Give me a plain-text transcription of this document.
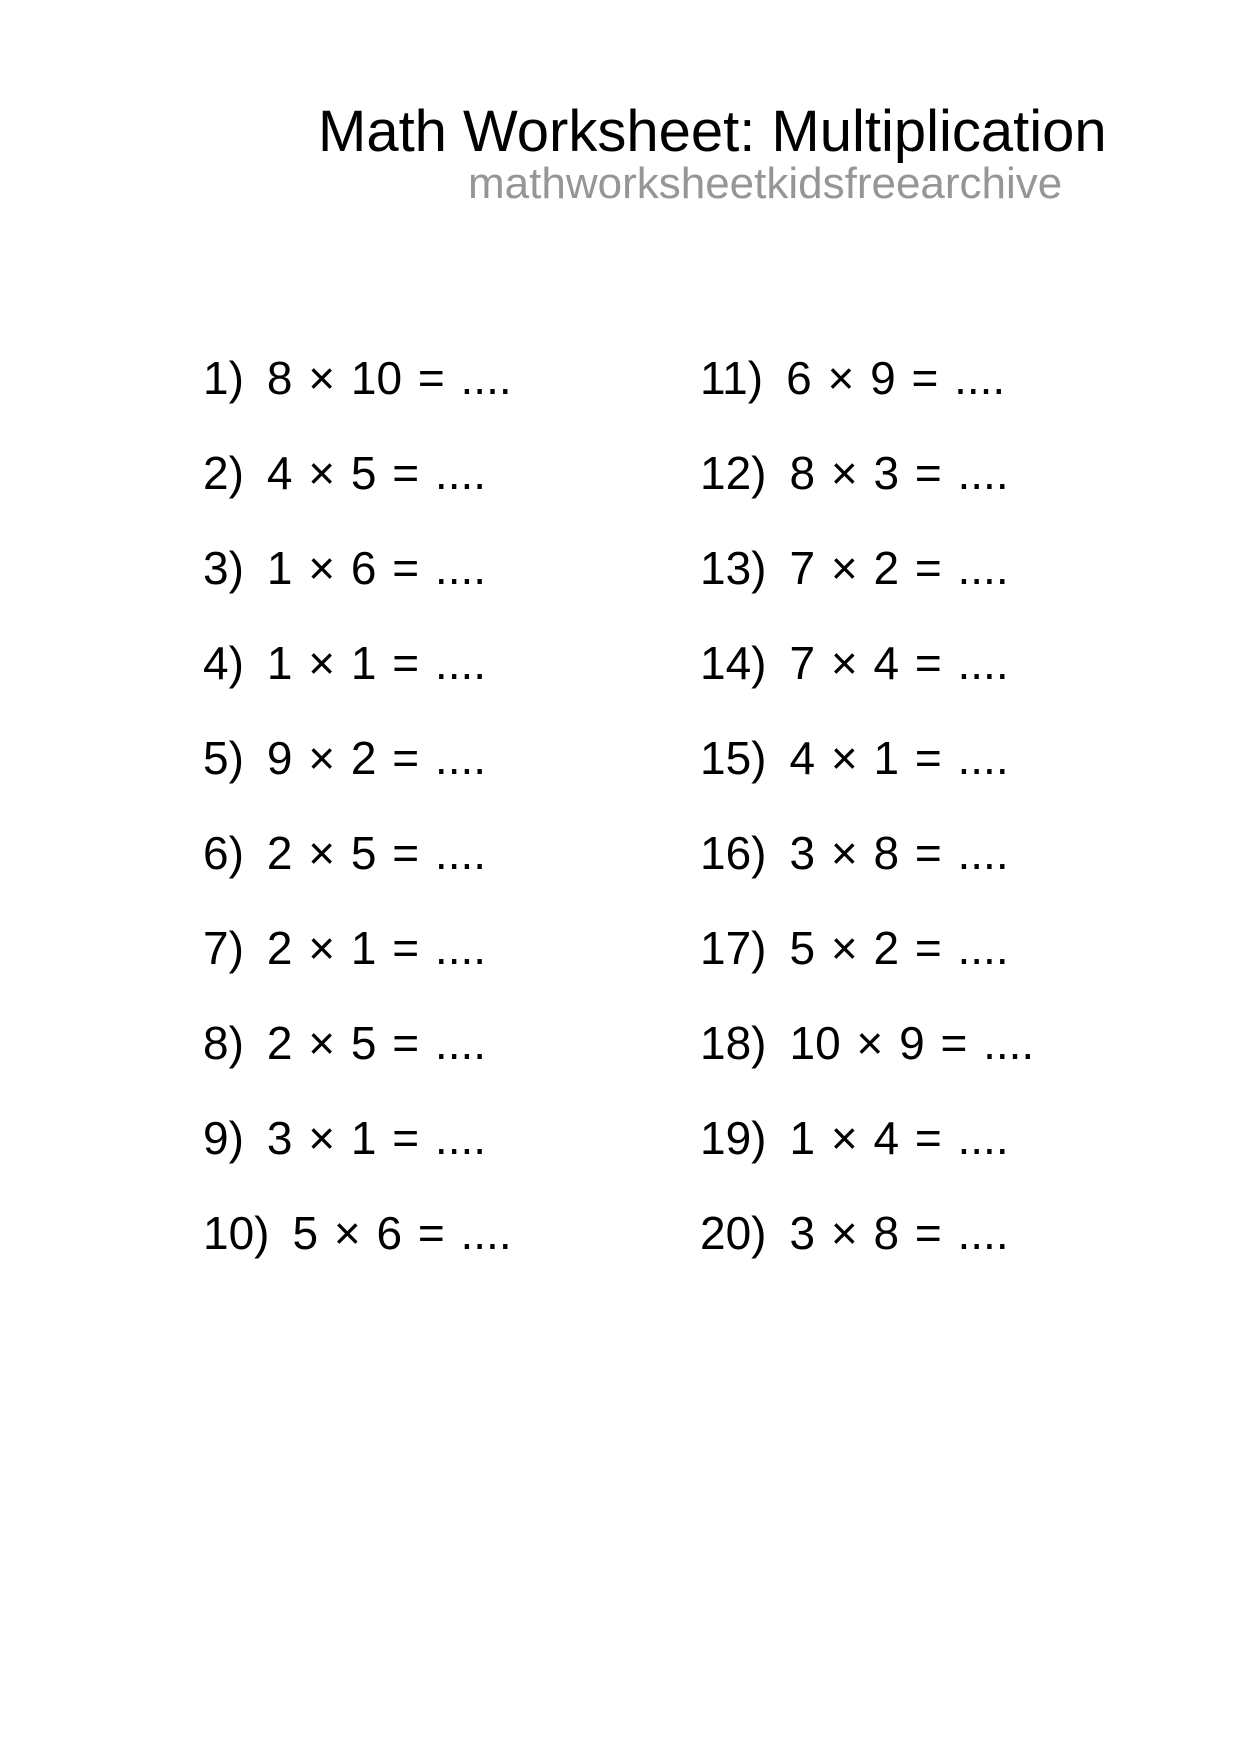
Math Worksheet: Multiplication
mathworksheetkidsfreearchive
1) 8 × 10 = ....
2) 4 × 5 = ....
3) 1 × 6 = ....
4) 1 × 1 = ....
5) 9 × 2 = ....
6) 2 × 5 = ....
7) 2 × 1 = ....
8) 2 × 5 = ....
9) 3 × 1 = ....
10) 5 × 6 = ....
11) 6 × 9 = ....
12) 8 × 3 = ....
13) 7 × 2 = ....
14) 7 × 4 = ....
15) 4 × 1 = ....
16) 3 × 8 = ....
17) 5 × 2 = ....
18) 10 × 9 = ....
19) 1 × 4 = ....
20) 3 × 8 = ....
